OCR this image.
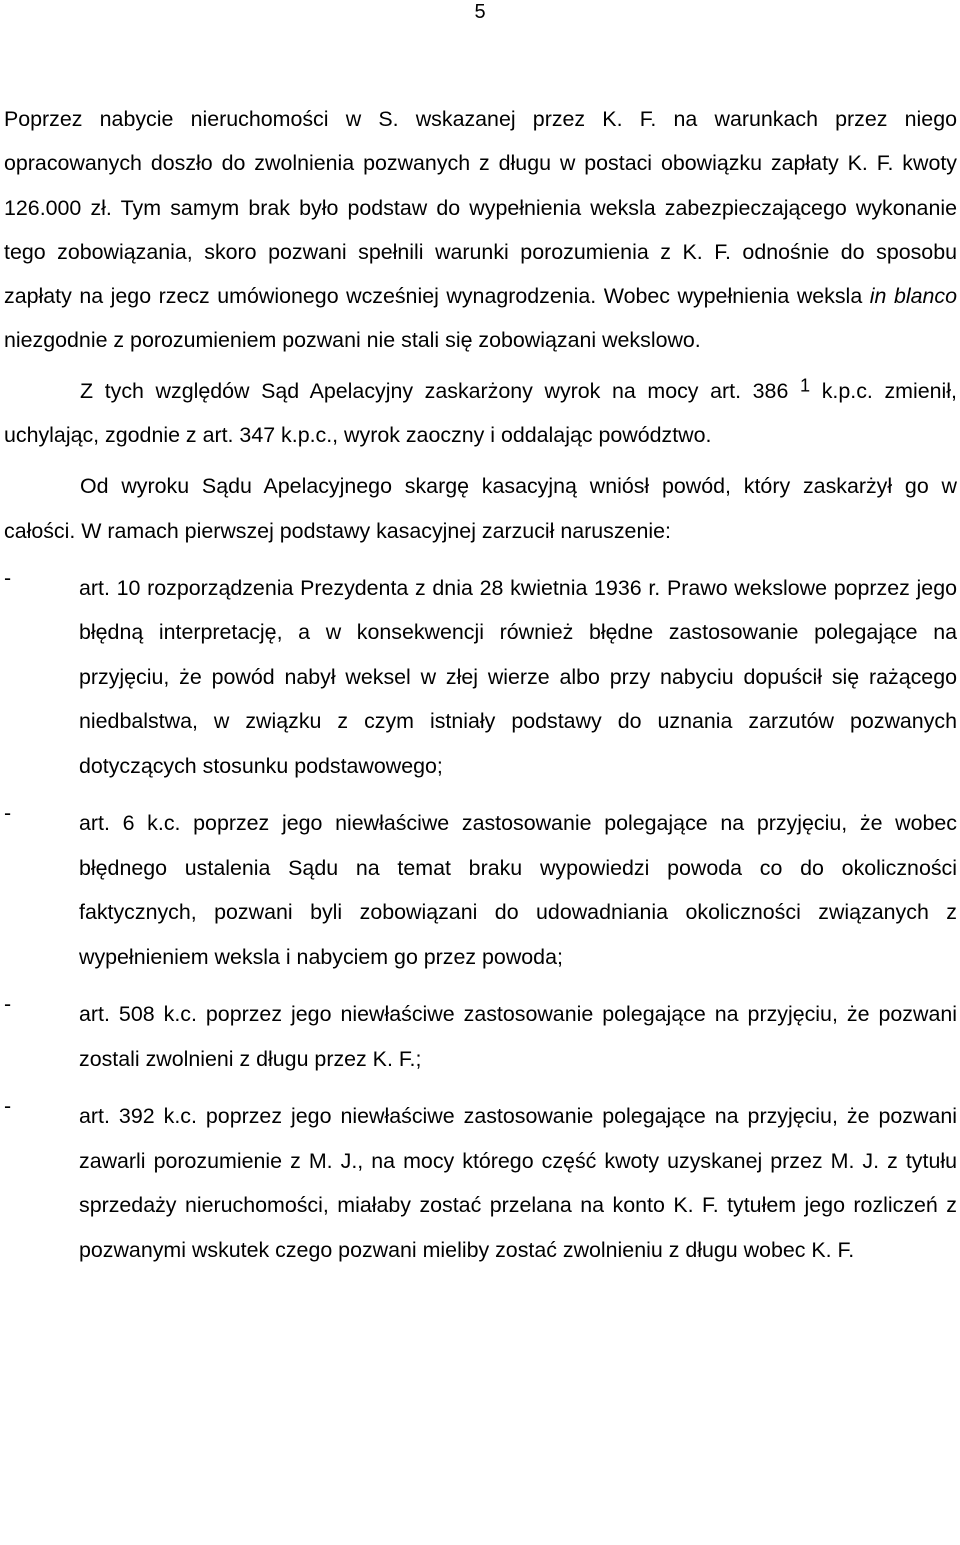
5

Poprzez nabycie nieruchomości w S. wskazanej przez K. F. na warunkach przez niego opracowanych doszło do zwolnienia pozwanych z długu w postaci obowiązku zapłaty K. F. kwoty 126.000 zł. Tym samym brak było podstaw do wypełnienia weksla zabezpieczającego wykonanie tego zobowiązania, skoro pozwani spełnili warunki porozumienia z K. F. odnośnie do sposobu zapłaty na jego rzecz umówionego wcześniej wynagrodzenia. Wobec wypełnienia weksla in blanco niezgodnie z porozumieniem pozwani nie stali się zobowiązani wekslowo.

Z tych względów Sąd Apelacyjny zaskarżony wyrok na mocy art. 386 $^1$ k.p.c. zmienił, uchylając, zgodnie z art. 347 k.p.c., wyrok zaoczny i oddalając powództwo.

Od wyroku Sądu Apelacyjnego skargę kasacyjną wniósł powód, który zaskarżył go w całości. W ramach pierwszej podstawy kasacyjnej zarzucił naruszenie:

-	art. 10 rozporządzenia Prezydenta z dnia 28 kwietnia 1936 r. Prawo wekslowe poprzez jego błędną interpretację, a w konsekwencji również błędne zastosowanie polegające na przyjęciu, że powód nabył weksel w złej wierze albo przy nabyciu dopuścił się rażącego niedbalstwa, w związku z czym istniały podstawy do uznania zarzutów pozwanych dotyczących stosunku podstawowego;

-	art. 6 k.c. poprzez jego niewłaściwe zastosowanie polegające na przyjęciu, że wobec błędnego ustalenia Sądu na temat braku wypowiedzi powoda co do okoliczności faktycznych, pozwani byli zobowiązani do udowadniania okoliczności związanych z wypełnieniem weksla i nabyciem go przez powoda;

-	art. 508 k.c. poprzez jego niewłaściwe zastosowanie polegające na przyjęciu, że pozwani zostali zwolnieni z długu przez K. F.;

-	art. 392 k.c. poprzez jego niewłaściwe zastosowanie polegające na przyjęciu, że pozwani zawarli porozumienie z M. J., na mocy którego część kwoty uzyskanej przez M. J. z tytułu sprzedaży nieruchomości, miałaby zostać przelana na konto K. F. tytułem jego rozliczeń z pozwanymi wskutek czego pozwani mieliby zostać zwolnieniu z długu wobec K. F.
